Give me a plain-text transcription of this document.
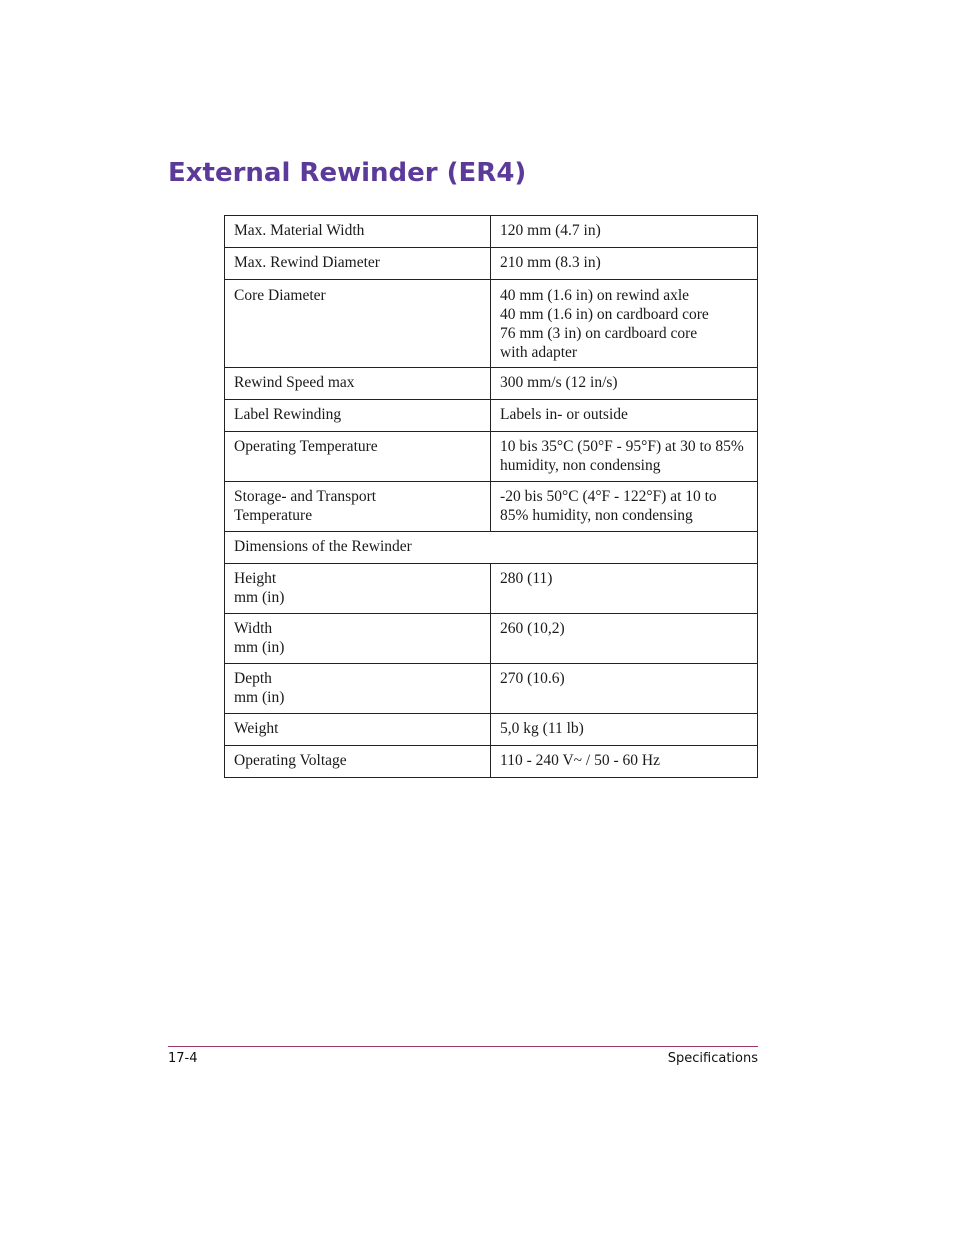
External Rewinder (ER4)
Max. Material Width	120 mm (4.7 in)
Max. Rewind Diameter	210 mm (8.3 in)
Core Diameter	40 mm (1.6 in) on rewind axle
40 mm (1.6 in) on cardboard core
76 mm (3 in) on cardboard core
with adapter

Rewind Speed max	300 mm/s (12 in/s)
Label Rewinding	Labels in- or outside
Operating Temperature	10 bis 35°C (50°F - 95°F) at 30 to 85%
humidity, non condensing

Storage- and Transport
Temperature	-20 bis 50°C (4°F - 122°F) at 10 to
85% humidity, non condensing

Dimensions of the Rewinder	

Height
mm (in)	280 (11)

Width
mm (in)	260 (10,2)

Depth
mm (in)	270 (10.6)
Weight	5,0 kg (11 lb)
Operating Voltage	110 - 240 V~ / 50 - 60 Hz
17-4	Specifications
